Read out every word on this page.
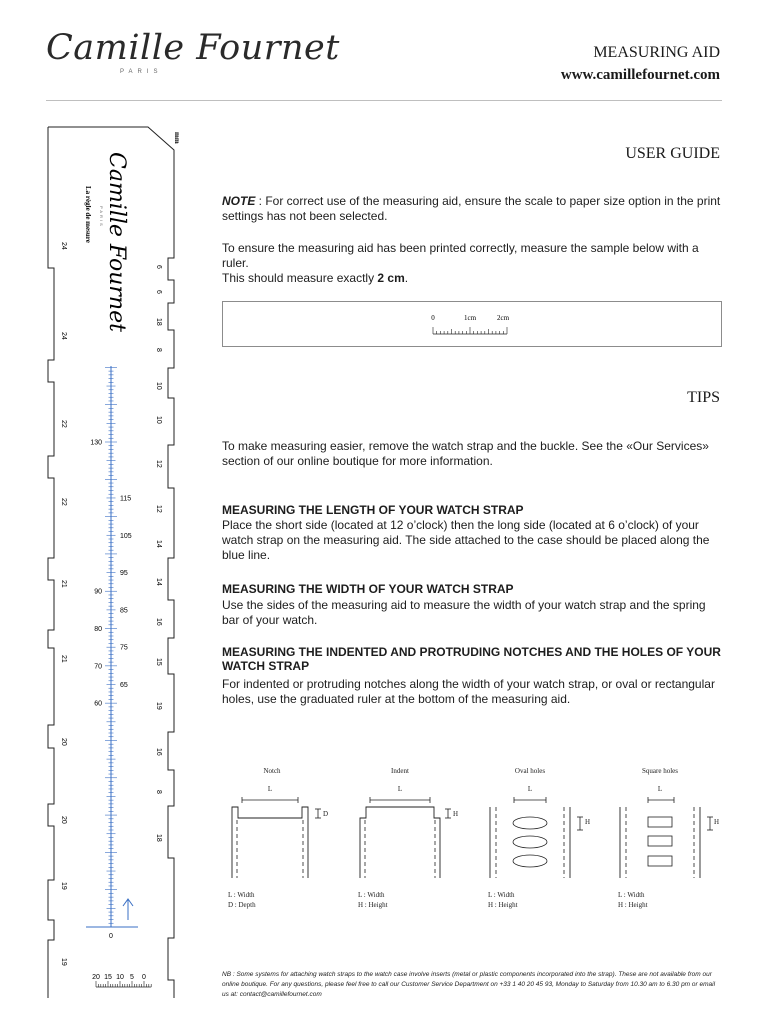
Camille Fournet
PARIS
MEASURING AID
www.camillefournet.com
mm
Camille Fournet
PARIS
La règle de mesure
6
6
18
8
10
10
12
12
14
14
16
15
19
16
8
18
24
24
22
22
21
21
20
20
19
19
130
90
80
70
60
115
105
95
85
75
65
0
20 15 10 5 0
USER GUIDE
NOTE : For correct use of the measuring aid, ensure the scale to paper size option in the print settings has not been selected.
To ensure the measuring aid has been printed correctly, measure the sample below with a ruler.
This should measure exactly 2 cm.
0	1cm	2cm
TIPS
To make measuring easier, remove the watch strap and the buckle. See the «Our Services» section of our online boutique for more information.
MEASURING THE LENGTH OF YOUR WATCH STRAP
Place the short side (located at 12 o’clock) then the long side (located at 6 o’clock) of your watch strap on the measuring aid. The side attached to the case should be placed along the blue line.
MEASURING THE WIDTH OF YOUR WATCH STRAP
Use the sides of the measuring aid to measure the width of your watch strap and the spring bar of your watch.
MEASURING THE INDENTED AND PROTRUDING NOTCHES AND THE HOLES OF YOUR WATCH STRAP
For indented or protruding notches along the width of your watch strap, or oval or rectangular holes, use the graduated ruler at the bottom of the measuring aid.
Notch
L
D
L : Width
D : Depth
Indent
L
H
L : Width
H : Height
Oval holes
L
H
L : Width
H : Height
Square holes
L
H
L : Width
H : Height
NB : Some systems for attaching watch straps to the watch case involve inserts (metal or plastic components incorporated into the strap). These are not available from our online boutique. For any questions, please feel free to call our Customer Service Department on +33 1 40 20 45 93, Monday to Saturday from 10.30 am to 6.30 pm or email us at: contact@camillefournet.com
